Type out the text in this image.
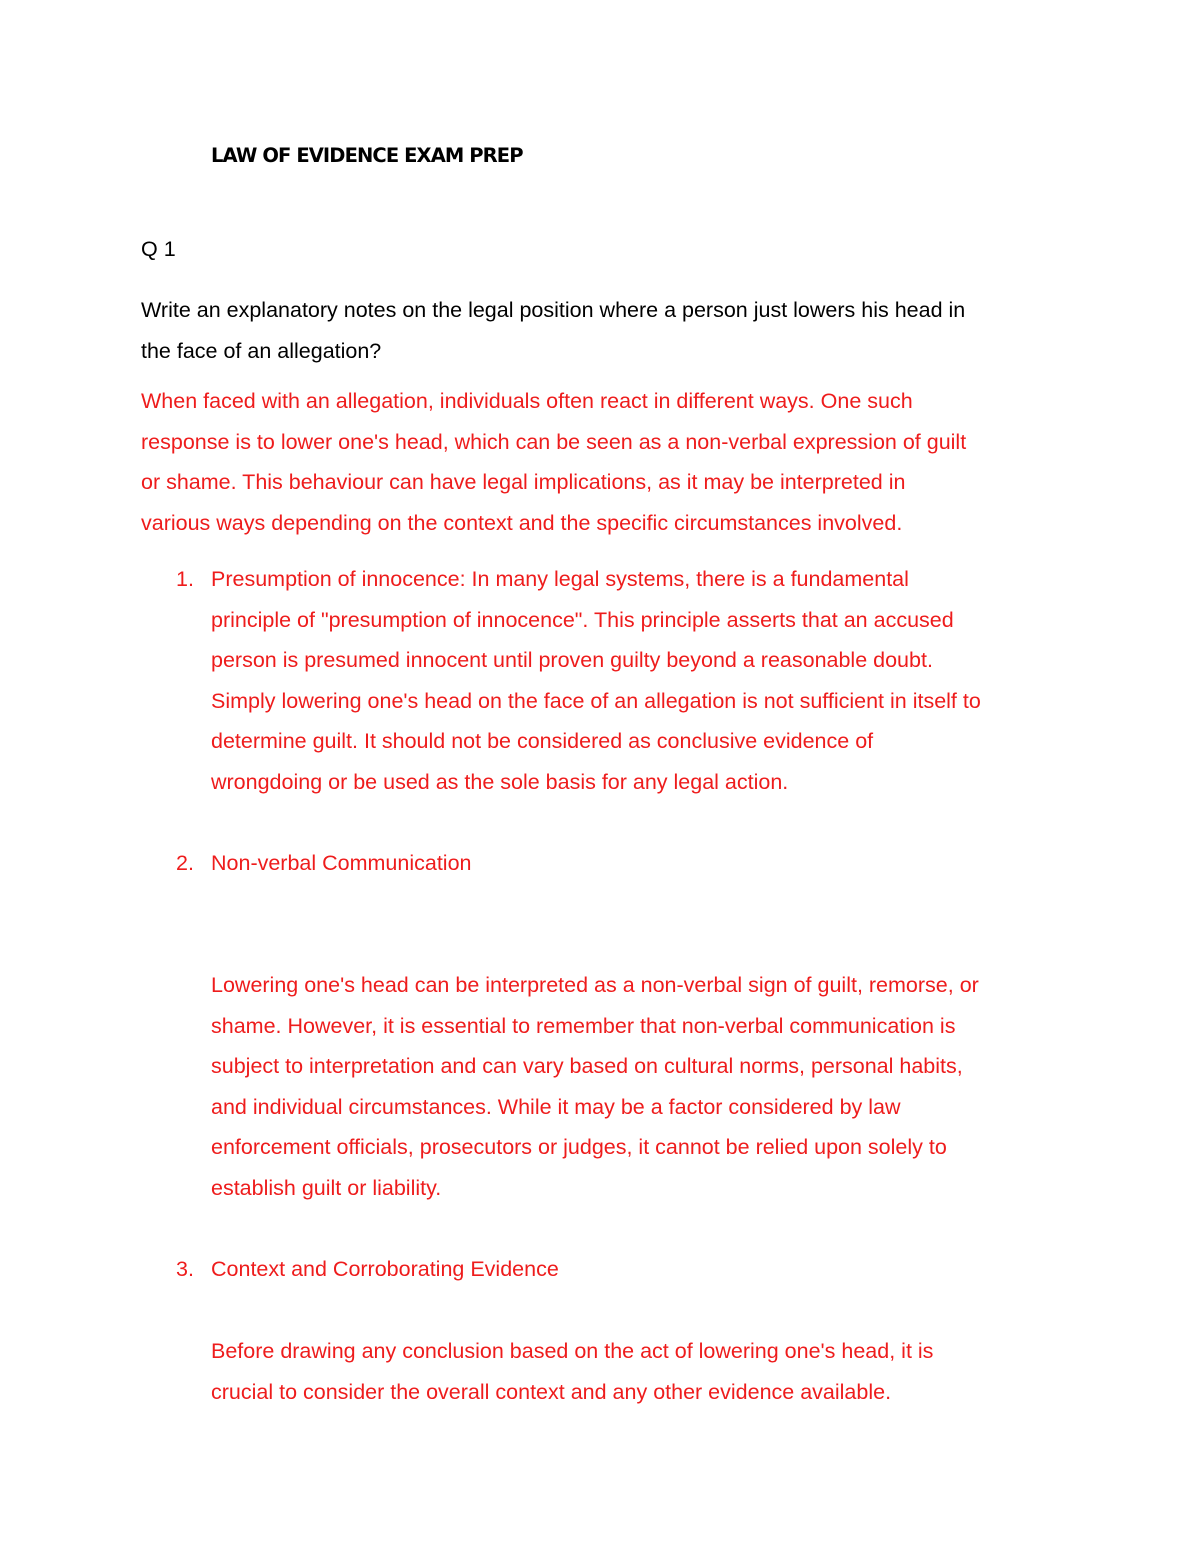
LAW OF EVIDENCE EXAM PREP
Q 1
Write an explanatory notes on the legal position where a person just lowers his head in
the face of an allegation?
When faced with an allegation, individuals often react in different ways. One such
response is to lower one's head, which can be seen as a non-verbal expression of guilt
or shame. This behaviour can have legal implications, as it may be interpreted in
various ways depending on the context and the specific circumstances involved.
1. Presumption of innocence: In many legal systems, there is a fundamental
principle of "presumption of innocence". This principle asserts that an accused
person is presumed innocent until proven guilty beyond a reasonable doubt.
Simply lowering one's head on the face of an allegation is not sufficient in itself to
determine guilt. It should not be considered as conclusive evidence of
wrongdoing or be used as the sole basis for any legal action.
2. Non-verbal Communication
Lowering one's head can be interpreted as a non-verbal sign of guilt, remorse, or
shame. However, it is essential to remember that non-verbal communication is
subject to interpretation and can vary based on cultural norms, personal habits,
and individual circumstances. While it may be a factor considered by law
enforcement officials, prosecutors or judges, it cannot be relied upon solely to
establish guilt or liability.
3. Context and Corroborating Evidence
Before drawing any conclusion based on the act of lowering one's head, it is
crucial to consider the overall context and any other evidence available.
